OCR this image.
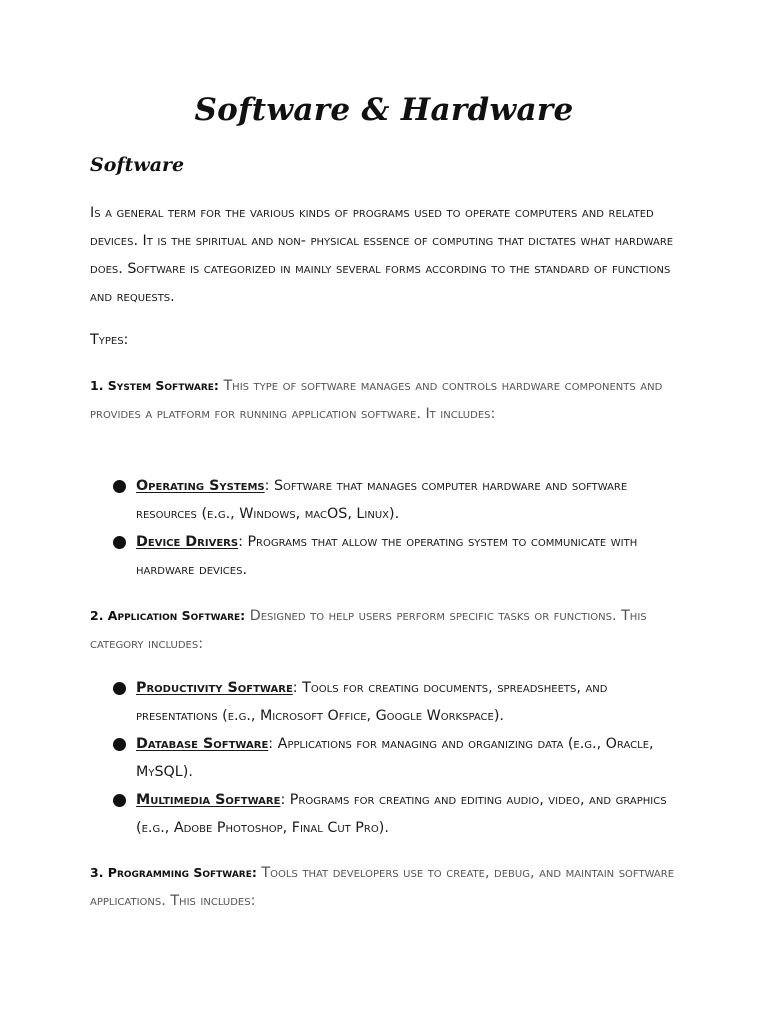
Software & Hardware
Software
Is a general term for the various kinds of programs used to operate computers and related devices. It is the spiritual and non- physical essence of computing that dictates what hardware does. Software is categorized in mainly several forms according to the standard of functions and requests.
Types:
1. System Software: This type of software manages and controls hardware components and provides a platform for running application software. It includes:
Operating Systems: Software that manages computer hardware and software resources (e.g., Windows, macOS, Linux).
Device Drivers: Programs that allow the operating system to communicate with hardware devices.
2. Application Software: Designed to help users perform specific tasks or functions. This category includes:
Productivity Software: Tools for creating documents, spreadsheets, and presentations (e.g., Microsoft Office, Google Workspace).
Database Software: Applications for managing and organizing data (e.g., Oracle, MySQL).
Multimedia Software: Programs for creating and editing audio, video, and graphics (e.g., Adobe Photoshop, Final Cut Pro).
3. Programming Software: Tools that developers use to create, debug, and maintain software applications. This includes:
